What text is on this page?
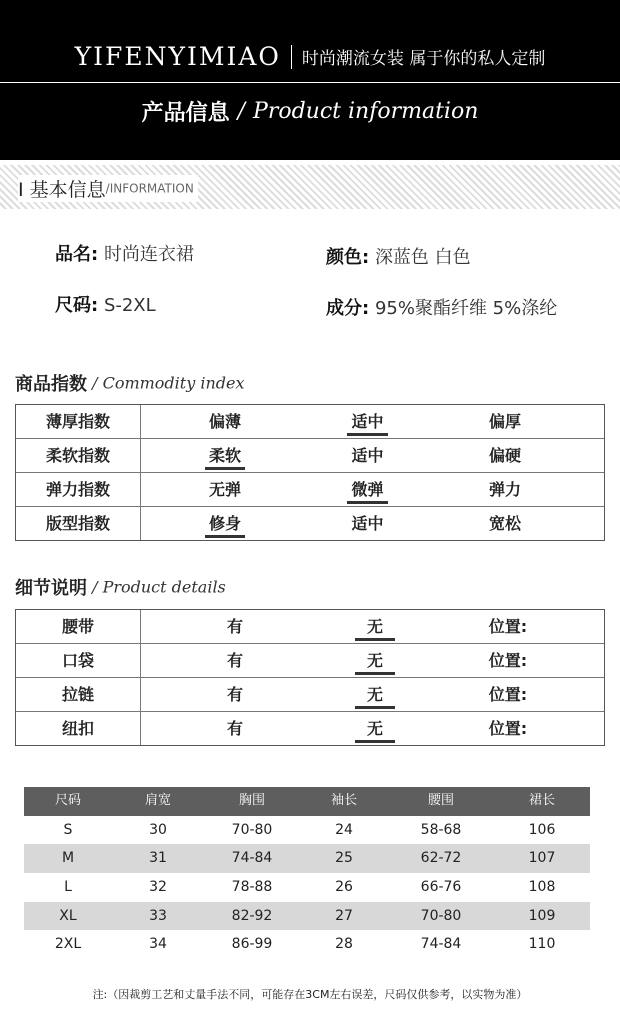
YIFENYIMIAO 时尚潮流女装 属于你的私人定制
产品信息 / Product information
I 基本信息/INFORMATION
品名: 时尚连衣裙	颜色: 深蓝色 白色
尺码: S-2XL	成分: 95%聚酯纤维 5%涤纶
商品指数 / Commodity index
薄厚指数	偏薄	适中	偏厚
柔软指数	柔软	适中	偏硬
弹力指数	无弹	微弹	弹力
版型指数	修身	适中	宽松
细节说明 / Product details
腰带	有	无	位置:
口袋	有	无	位置:
拉链	有	无	位置:
纽扣	有	无	位置:
尺码	肩宽	胸围	袖长	腰围	裙长
S	30	70-80	24	58-68	106
M	31	74-84	25	62-72	107
L	32	78-88	26	66-76	108
XL	33	82-92	27	70-80	109
2XL	34	86-99	28	74-84	110
注:（因裁剪工艺和丈量手法不同，可能存在3CM左右误差，尺码仅供参考，以实物为准）
